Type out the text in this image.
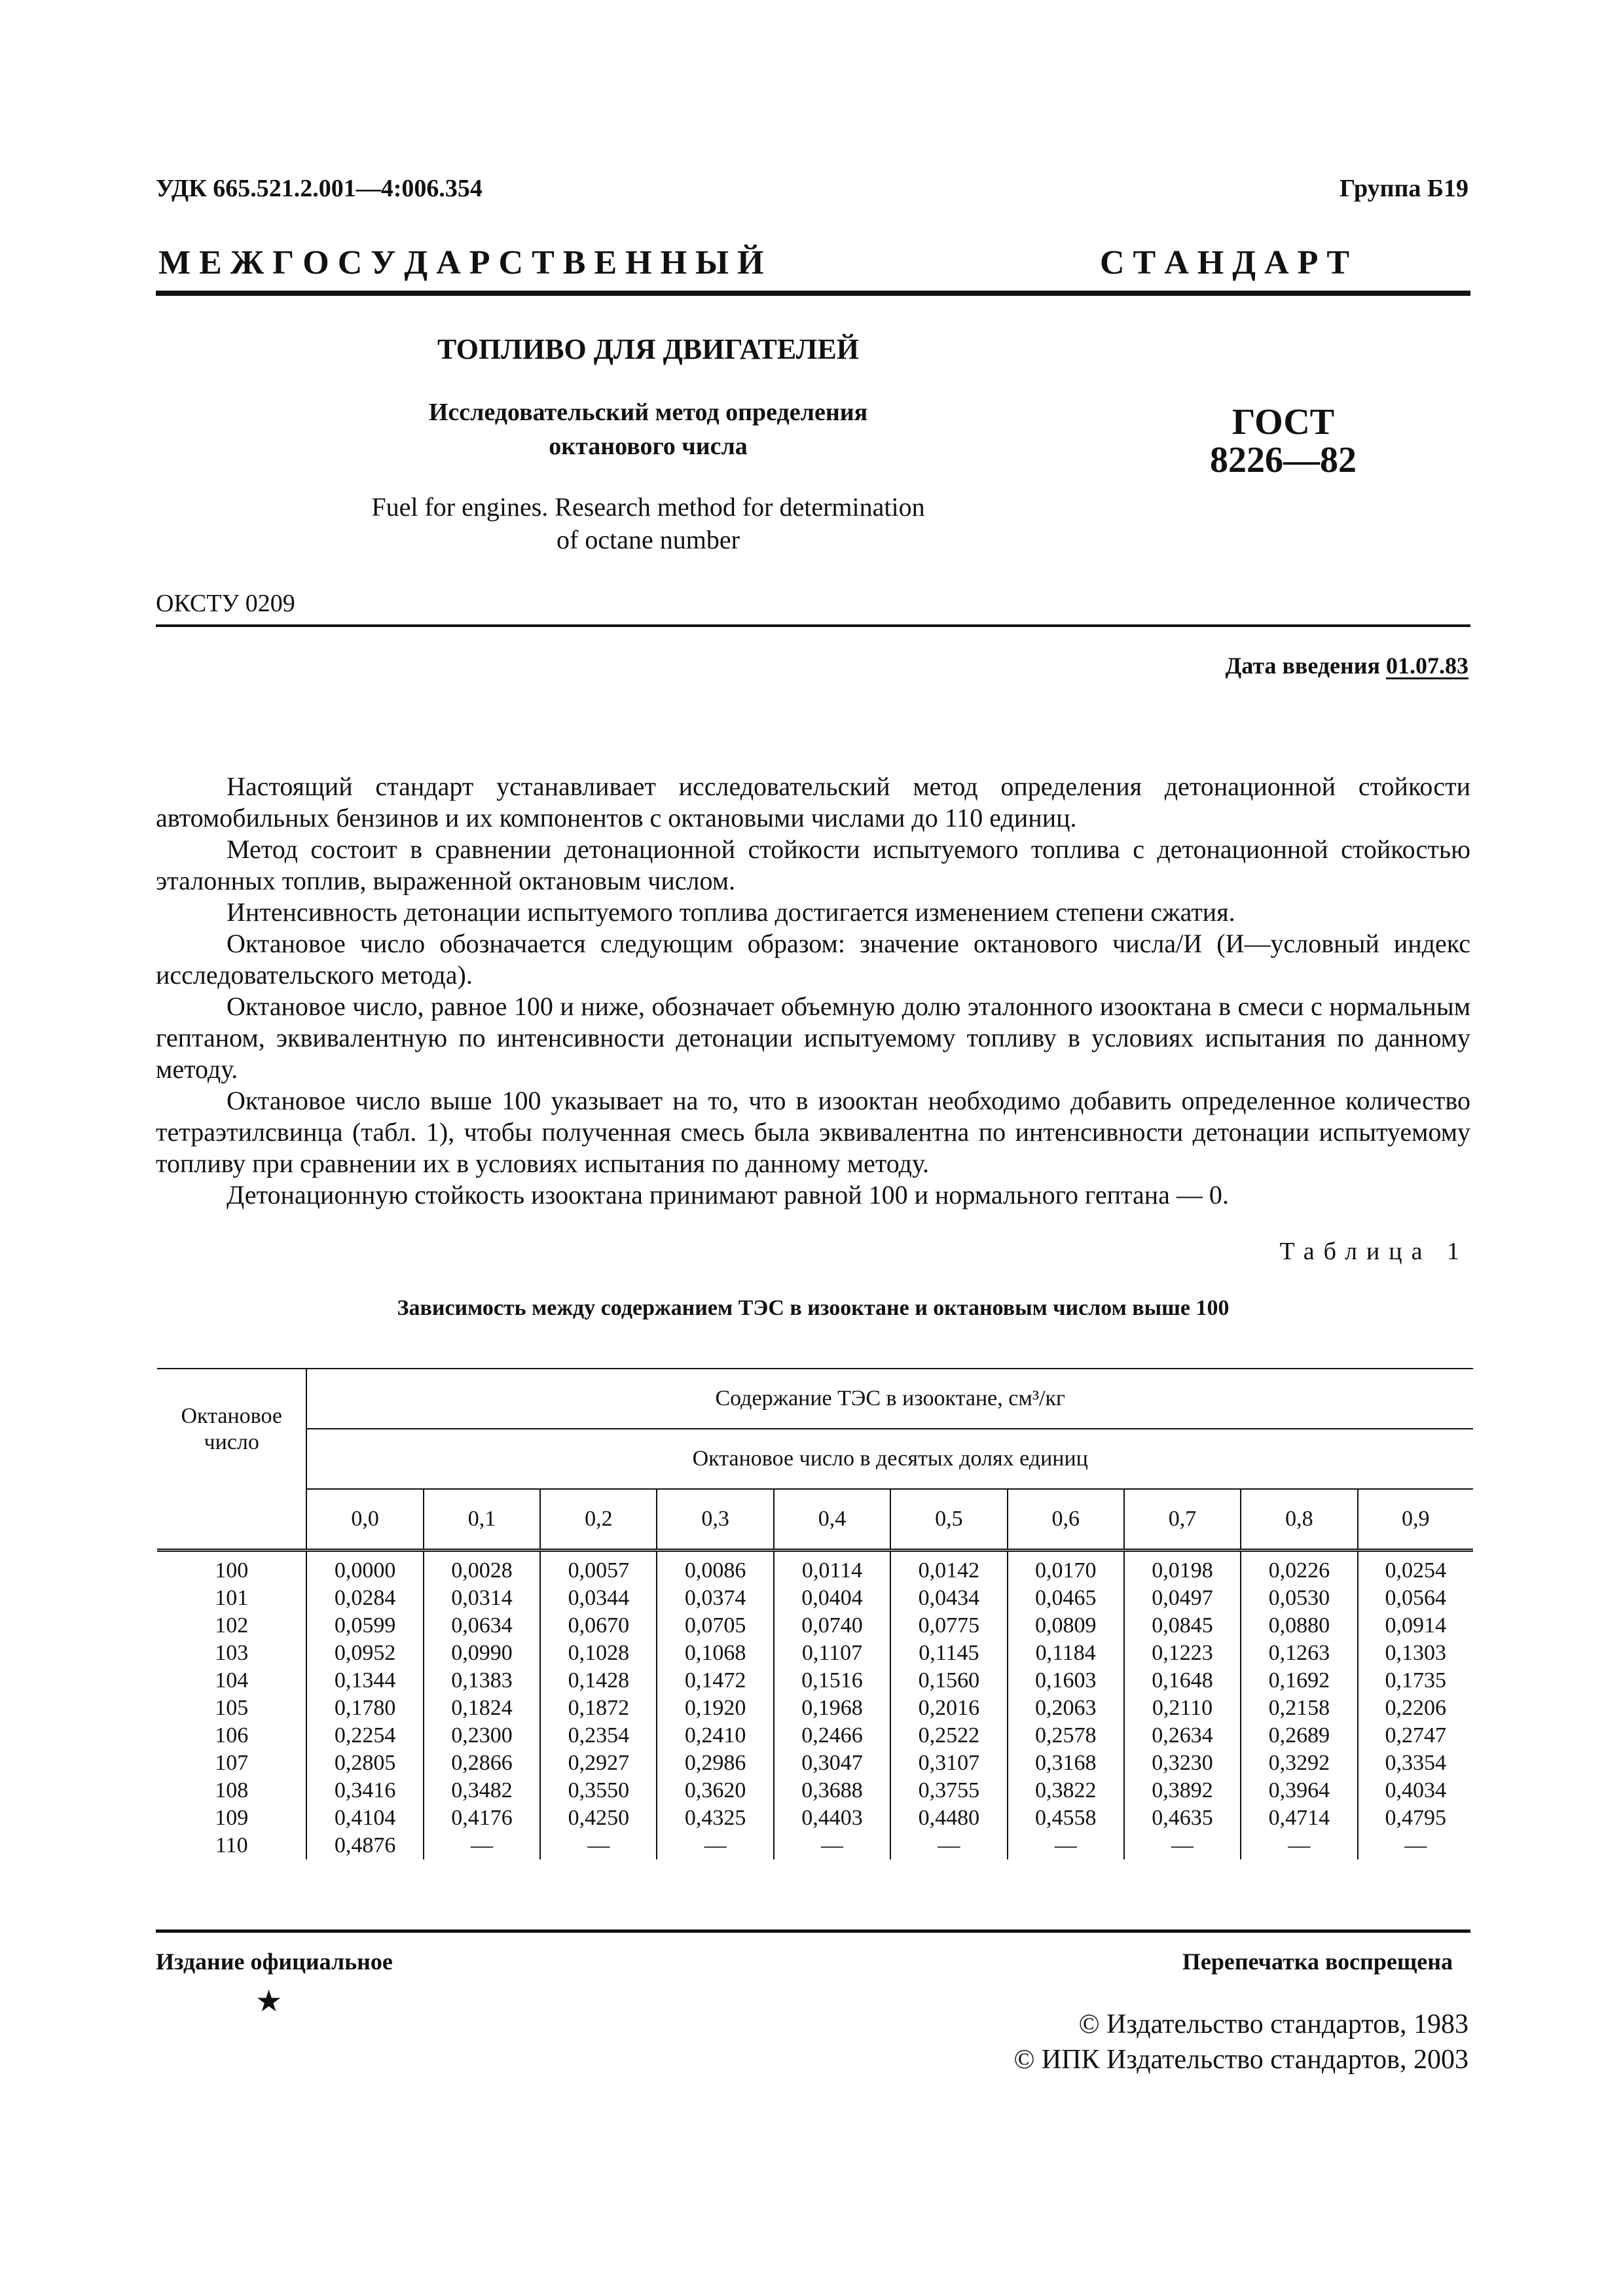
УДК 665.521.2.001—4:006.354	Группа Б19
М Е Ж Г О С У Д А Р С Т В Е Н Н Ы Й	С Т А Н Д А Р Т
ТОПЛИВО ДЛЯ ДВИГАТЕЛЕЙ
Исследовательский метод определения
октанового числа
Fuel for engines. Research method for determination
of octane number
ГОСТ
8226—82
ОКСТУ 0209
Дата введения 01.07.83

Настоящий стандарт устанавливает исследовательский метод определения детонационной стойкости автомобильных бензинов и их компонентов с октановыми числами до 110 единиц.

Метод состоит в сравнении детонационной стойкости испытуемого топлива с детонационной стойкостью эталонных топлив, выраженной октановым числом.

Интенсивность детонации испытуемого топлива достигается изменением степени сжатия.

Октановое число обозначается следующим образом: значение октанового числа/И (И—условный индекс исследовательского метода).

Октановое число, равное 100 и ниже, обозначает объемную долю эталонного изооктана в смеси с нормальным гептаном, эквивалентную по интенсивности детонации испытуемому топливу в условиях испытания по данному методу.

Октановое число выше 100 указывает на то, что в изооктан необходимо добавить определенное количество тетраэтилсвинца (табл. 1), чтобы полученная смесь была эквивалентна по интенсивности детонации испытуемому топливу при сравнении их в условиях испытания по данному методу.

Детонационную стойкость изооктана принимают равной 100 и нормального гептана — 0.

Таблица 1
Зависимость между содержанием ТЭС в изооктане и октановым числом выше 100
Октановое число	Содержание ТЭС в изооктане, см³/кг									
	Октановое число в десятых долях единиц									
	0,0	0,1	0,2	0,3	0,4	0,5	0,6	0,7	0,8	0,9
100	0,0000	0,0028	0,0057	0,0086	0,0114	0,0142	0,0170	0,0198	0,0226	0,0254
101	0,0284	0,0314	0,0344	0,0374	0,0404	0,0434	0,0465	0,0497	0,0530	0,0564
102	0,0599	0,0634	0,0670	0,0705	0,0740	0,0775	0,0809	0,0845	0,0880	0,0914
103	0,0952	0,0990	0,1028	0,1068	0,1107	0,1145	0,1184	0,1223	0,1263	0,1303
104	0,1344	0,1383	0,1428	0,1472	0,1516	0,1560	0,1603	0,1648	0,1692	0,1735
105	0,1780	0,1824	0,1872	0,1920	0,1968	0,2016	0,2063	0,2110	0,2158	0,2206
106	0,2254	0,2300	0,2354	0,2410	0,2466	0,2522	0,2578	0,2634	0,2689	0,2747
107	0,2805	0,2866	0,2927	0,2986	0,3047	0,3107	0,3168	0,3230	0,3292	0,3354
108	0,3416	0,3482	0,3550	0,3620	0,3688	0,3755	0,3822	0,3892	0,3964	0,4034
109	0,4104	0,4176	0,4250	0,4325	0,4403	0,4480	0,4558	0,4635	0,4714	0,4795
110	0,4876	—	—	—	—	—	—	—	—	—
Издание официальное	Перепечатка воспрещена
★
© Издательство стандартов, 1983
© ИПК Издательство стандартов, 2003
